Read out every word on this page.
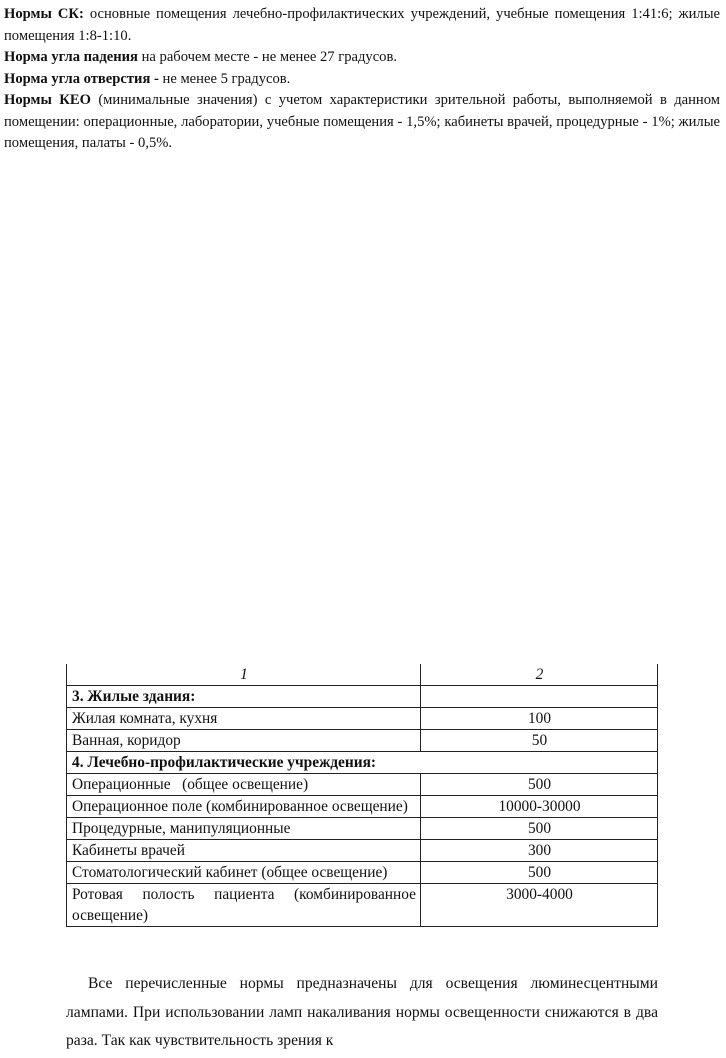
Нормы СК: основные помещения лечебно-профилактических учреждений, учебные помещения 1:41:6; жилые помещения 1:8-1:10.

Норма угла падения на рабочем месте - не менее 27 градусов.

Норма угла отверстия - не менее 5 градусов.

Нормы КЕО (минимальные значения) с учетом характеристики зрительной работы, выполняемой в данном помещении: операционные, лаборатории, учебные помещения - 1,5%; кабинеты врачей, процедурные - 1%; жилые помещения, палаты - 0,5%.

1	2
3. Жилые здания:	
Жилая комната, кухня	100
Ванная, коридор	50
4. Лечебно-профилактические учреждения:	
Операционные   (общее освещение)	500
Операционное поле (комбинированное освещение)	10000-30000
Процедурные, манипуляционные	500
Кабинеты врачей	300
Стоматологический кабинет (общее освещение)	500
Ротовая полость пациента (комбинированное освещение)	3000-4000

Все перечисленные нормы предназначены для освещения люминесцентными лампами. При использовании ламп накаливания нормы освещенности снижаются в два раза. Так как чувствительность зрения к
